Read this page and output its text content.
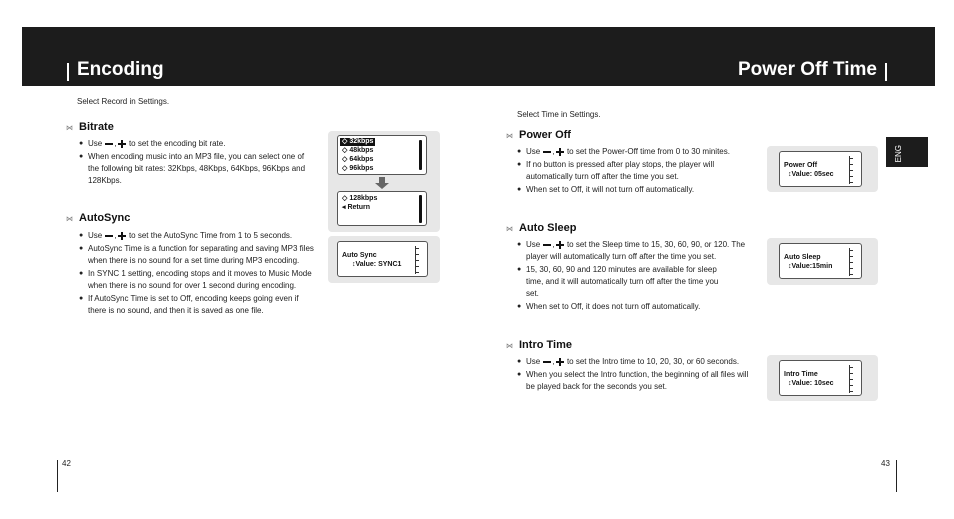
Encoding	Power Off Time
Select Record in Settings.
⋈ Bitrate
● Use , to set the encoding bit rate.
● When encoding music into an MP3 file, you can select one of the following bit rates: 32Kbps, 48Kbps, 64Kbps, 96Kbps and 128Kbps.
⋈ AutoSync
● Use , to set the AutoSync Time from 1 to 5 seconds.
● AutoSync Time is a function for separating and saving MP3 files when there is no sound for a set time during MP3 encoding.
● In SYNC 1 setting, encoding stops and it moves to Music Mode when there is no sound for over 1 second during encoding.
● If AutoSync Time is set to Off, encoding keeps going even if there is no sound, and then it is saved as one file.
◇ 32kbps
◇ 48kbps
◇ 64kbps
◇ 96kbps
◇ 128kbps
◂ Return
Auto Sync
↕Value: SYNC1
Select Time in Settings.
ENG
⋈ Power Off
● Use , to set the Power-Off time from 0 to 30 minites.
● If no button is pressed after play stops, the player will automatically turn off after the time you set.
● When set to Off, it will not turn off automatically.
⋈ Auto Sleep
● Use , to set the Sleep time to 15, 30, 60, 90, or 120. The player will automatically turn off after the time you set.
● 15, 30, 60, 90 and 120 minutes are available for sleep time, and it will automatically turn off after the time you set.
● When set to Off, it does not turn off automatically.
⋈ Intro Time
● Use , to set the Intro time to 10, 20, 30, or 60 seconds.
● When you select the Intro function, the beginning of all files will be played back for the seconds you set.
Power Off
↕Value: 05sec
Auto Sleep
↕Value:15min
Intro Time
↕Value: 10sec
42	43
